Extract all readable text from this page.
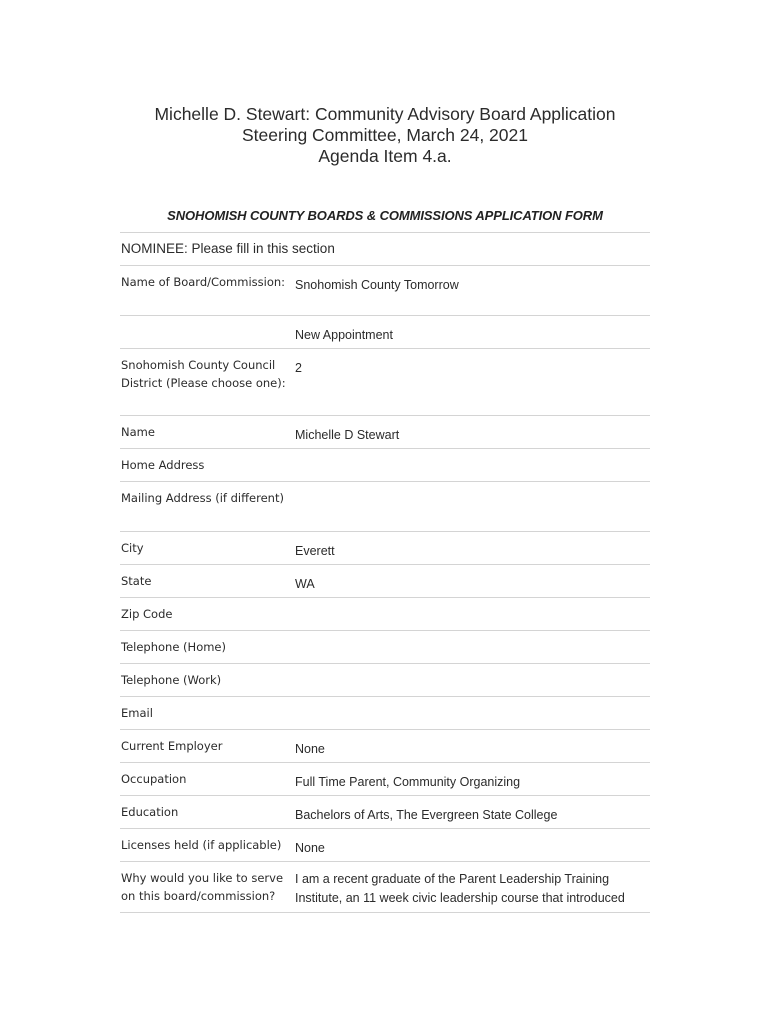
Michelle D. Stewart: Community Advisory Board Application
Steering Committee, March 24, 2021
Agenda Item 4.a.
SNOHOMISH COUNTY BOARDS & COMMISSIONS APPLICATION FORM
NOMINEE: Please fill in this section
Name of Board/Commission: Snohomish County Tomorrow
New Appointment
Snohomish County Council District (Please choose one):
2
Name	Michelle D Stewart
Home Address
Mailing Address (if different)
City	Everett
State	WA
Zip Code
Telephone (Home)
Telephone (Work)
Email
Current Employer	None
Occupation	Full Time Parent, Community Organizing
Education	Bachelors of Arts, The Evergreen State College
Licenses held (if applicable)	None
Why would you like to serve on this board/commission?
I am a recent graduate of the Parent Leadership Training Institute, an 11 week civic leadership course that introduced
